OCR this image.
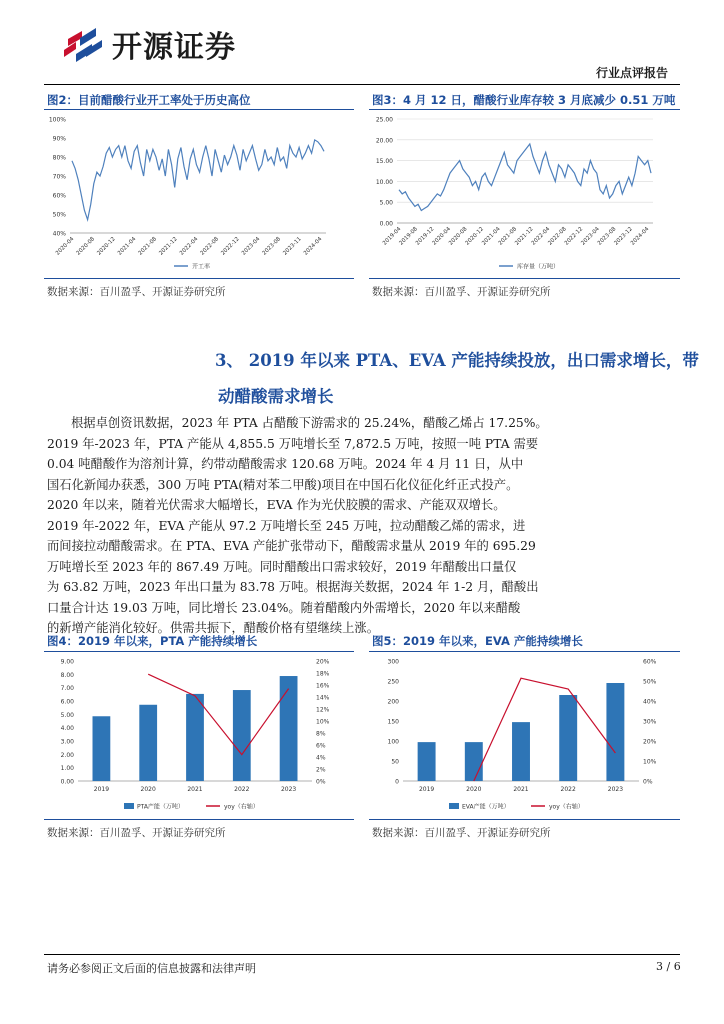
开源证券
行业点评报告
图2：目前醋酸行业开工率处于历史高位
40%
50%
60%
70%
80%
90%
100%
2020-04 2020-08 2020-12 2021-04 2021-08 2021-12 2022-04 2022-08 2022-12 2023-04 2023-08 2023-11 2024-04
开工率
数据来源：百川盈孚、开源证券研究所
图3：4 月 12 日，醋酸行业库存较 3 月底减少 0.51 万吨
0.00
5.00
10.00
15.00
20.00
25.00
2019-04
2019-08
2019-12
2020-04
2020-08
2020-12
2021-04
2021-08
2021-12
2022-04
2022-08
2022-12
2023-04
2023-08
2023-12
2024-04
库存量（万吨）
数据来源：百川盈孚、开源证券研究所
3、 2019 年以来 PTA、EVA 产能持续投放，出口需求增长，带
动醋酸需求增长

根据卓创资讯数据，2023 年 PTA 占醋酸下游需求的 25.24%，醋酸乙烯占 17.25%。

2019 年-2023 年，PTA 产能从 4,855.5 万吨增长至 7,872.5 万吨，按照一吨 PTA 需要

0.04 吨醋酸作为溶剂计算，约带动醋酸需求 120.68 万吨。2024 年 4 月 11 日，从中

国石化新闻办获悉，300 万吨 PTA(精对苯二甲酸)项目在中国石化仪征化纤正式投产。

2020 年以来，随着光伏需求大幅增长，EVA 作为光伏胶膜的需求、产能双双增长。

2019 年-2022 年，EVA 产能从 97.2 万吨增长至 245 万吨，拉动醋酸乙烯的需求，进

而间接拉动醋酸需求。在 PTA、EVA 产能扩张带动下，醋酸需求量从 2019 年的 695.29

万吨增长至 2023 年的 867.49 万吨。同时醋酸出口需求较好，2019 年醋酸出口量仅

为 63.82 万吨，2023 年出口量为 83.78 万吨。根据海关数据，2024 年 1-2 月，醋酸出

口量合计达 19.03 万吨，同比增长 23.04%。随着醋酸内外需增长，2020 年以来醋酸

的新增产能消化较好。供需共振下，醋酸价格有望继续上涨。

图4：2019 年以来，PTA 产能持续增长
0.00
1.00
2.00
3.00
4.00
5.00
6.00
7.00
8.00
9.00
0%
2%
4%
6%
8%
10%
12%
14%
16%
18%
20%
2019	2020	2021	2022	2023
PTA产能（万吨）	yoy（右轴）
数据来源：百川盈孚、开源证券研究所
图5：2019 年以来，EVA 产能持续增长
0
50
100
150
200
250
300
0%
10%
20%
30%
40%
50%
60%
2019	2020	2021	2022	2023
EVA产能（万吨）	yoy（右轴）
数据来源：百川盈孚、开源证券研究所
请务必参阅正文后面的信息披露和法律声明	3 / 6
